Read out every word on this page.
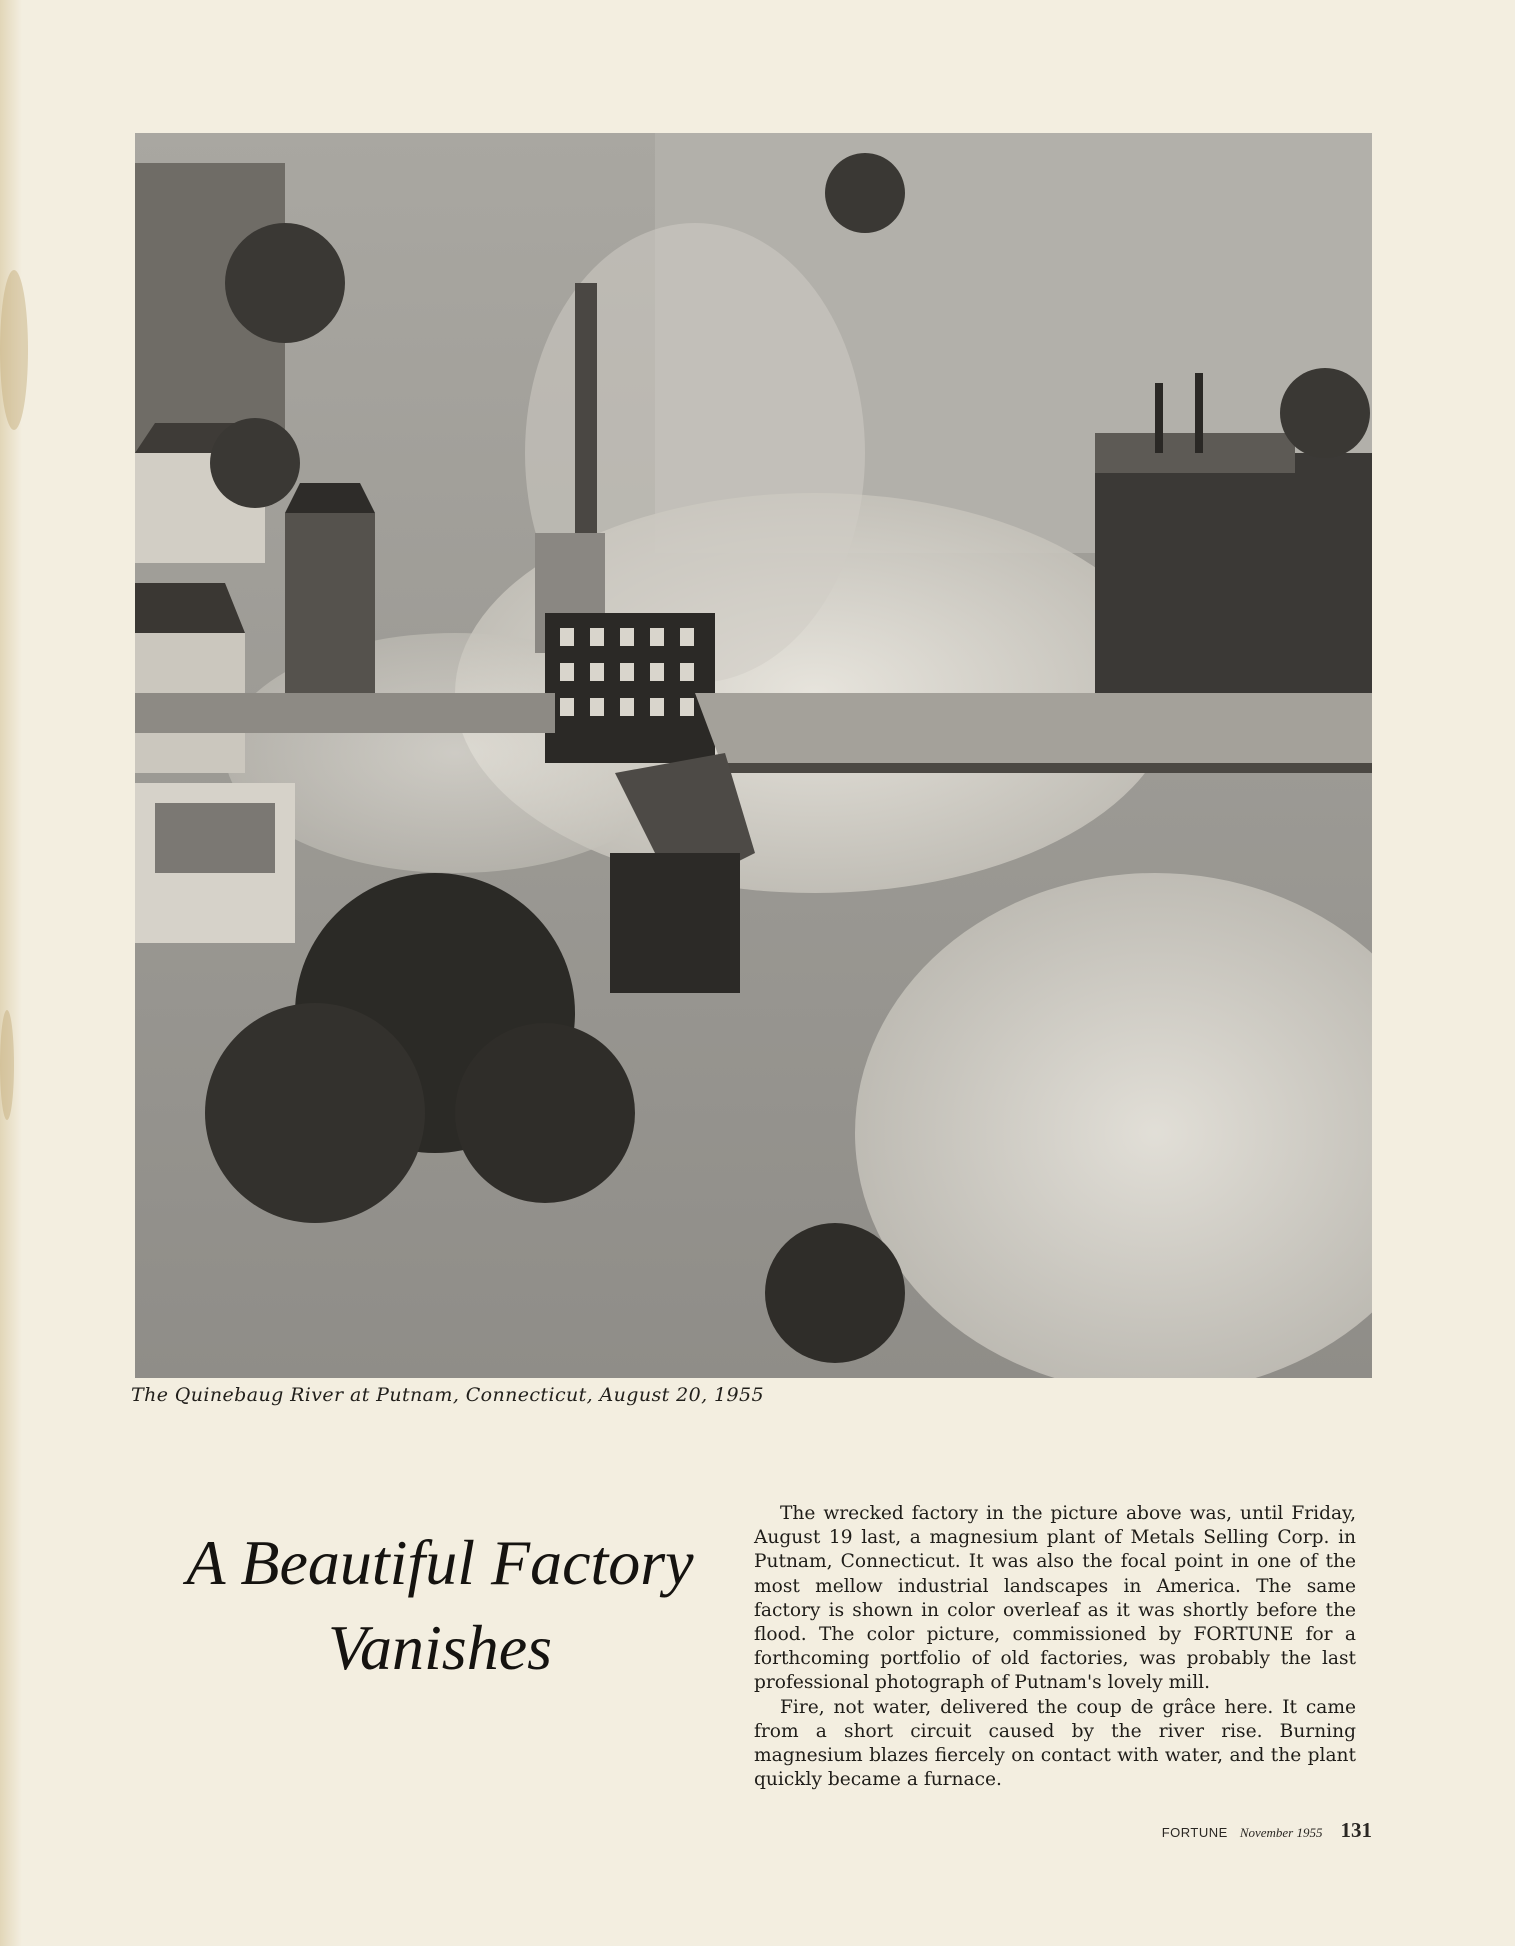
The Quinebaug River at Putnam, Connecticut, August 20, 1955
A Beautiful Factory
Vanishes

The wrecked factory in the picture above was, until Friday, August 19 last, a magnesium plant of Metals Selling Corp. in Putnam, Connecticut. It was also the focal point in one of the most mellow industrial landscapes in America. The same factory is shown in color overleaf as it was shortly before the flood. The color picture, commissioned by FORTUNE for a forthcoming portfolio of old factories, was probably the last professional photograph of Putnam's lovely mill.

Fire, not water, delivered the coup de grâce here. It came from a short circuit caused by the river rise. Burning magnesium blazes fiercely on contact with water, and the plant quickly became a furnace.

FORTUNE November 1955 131
